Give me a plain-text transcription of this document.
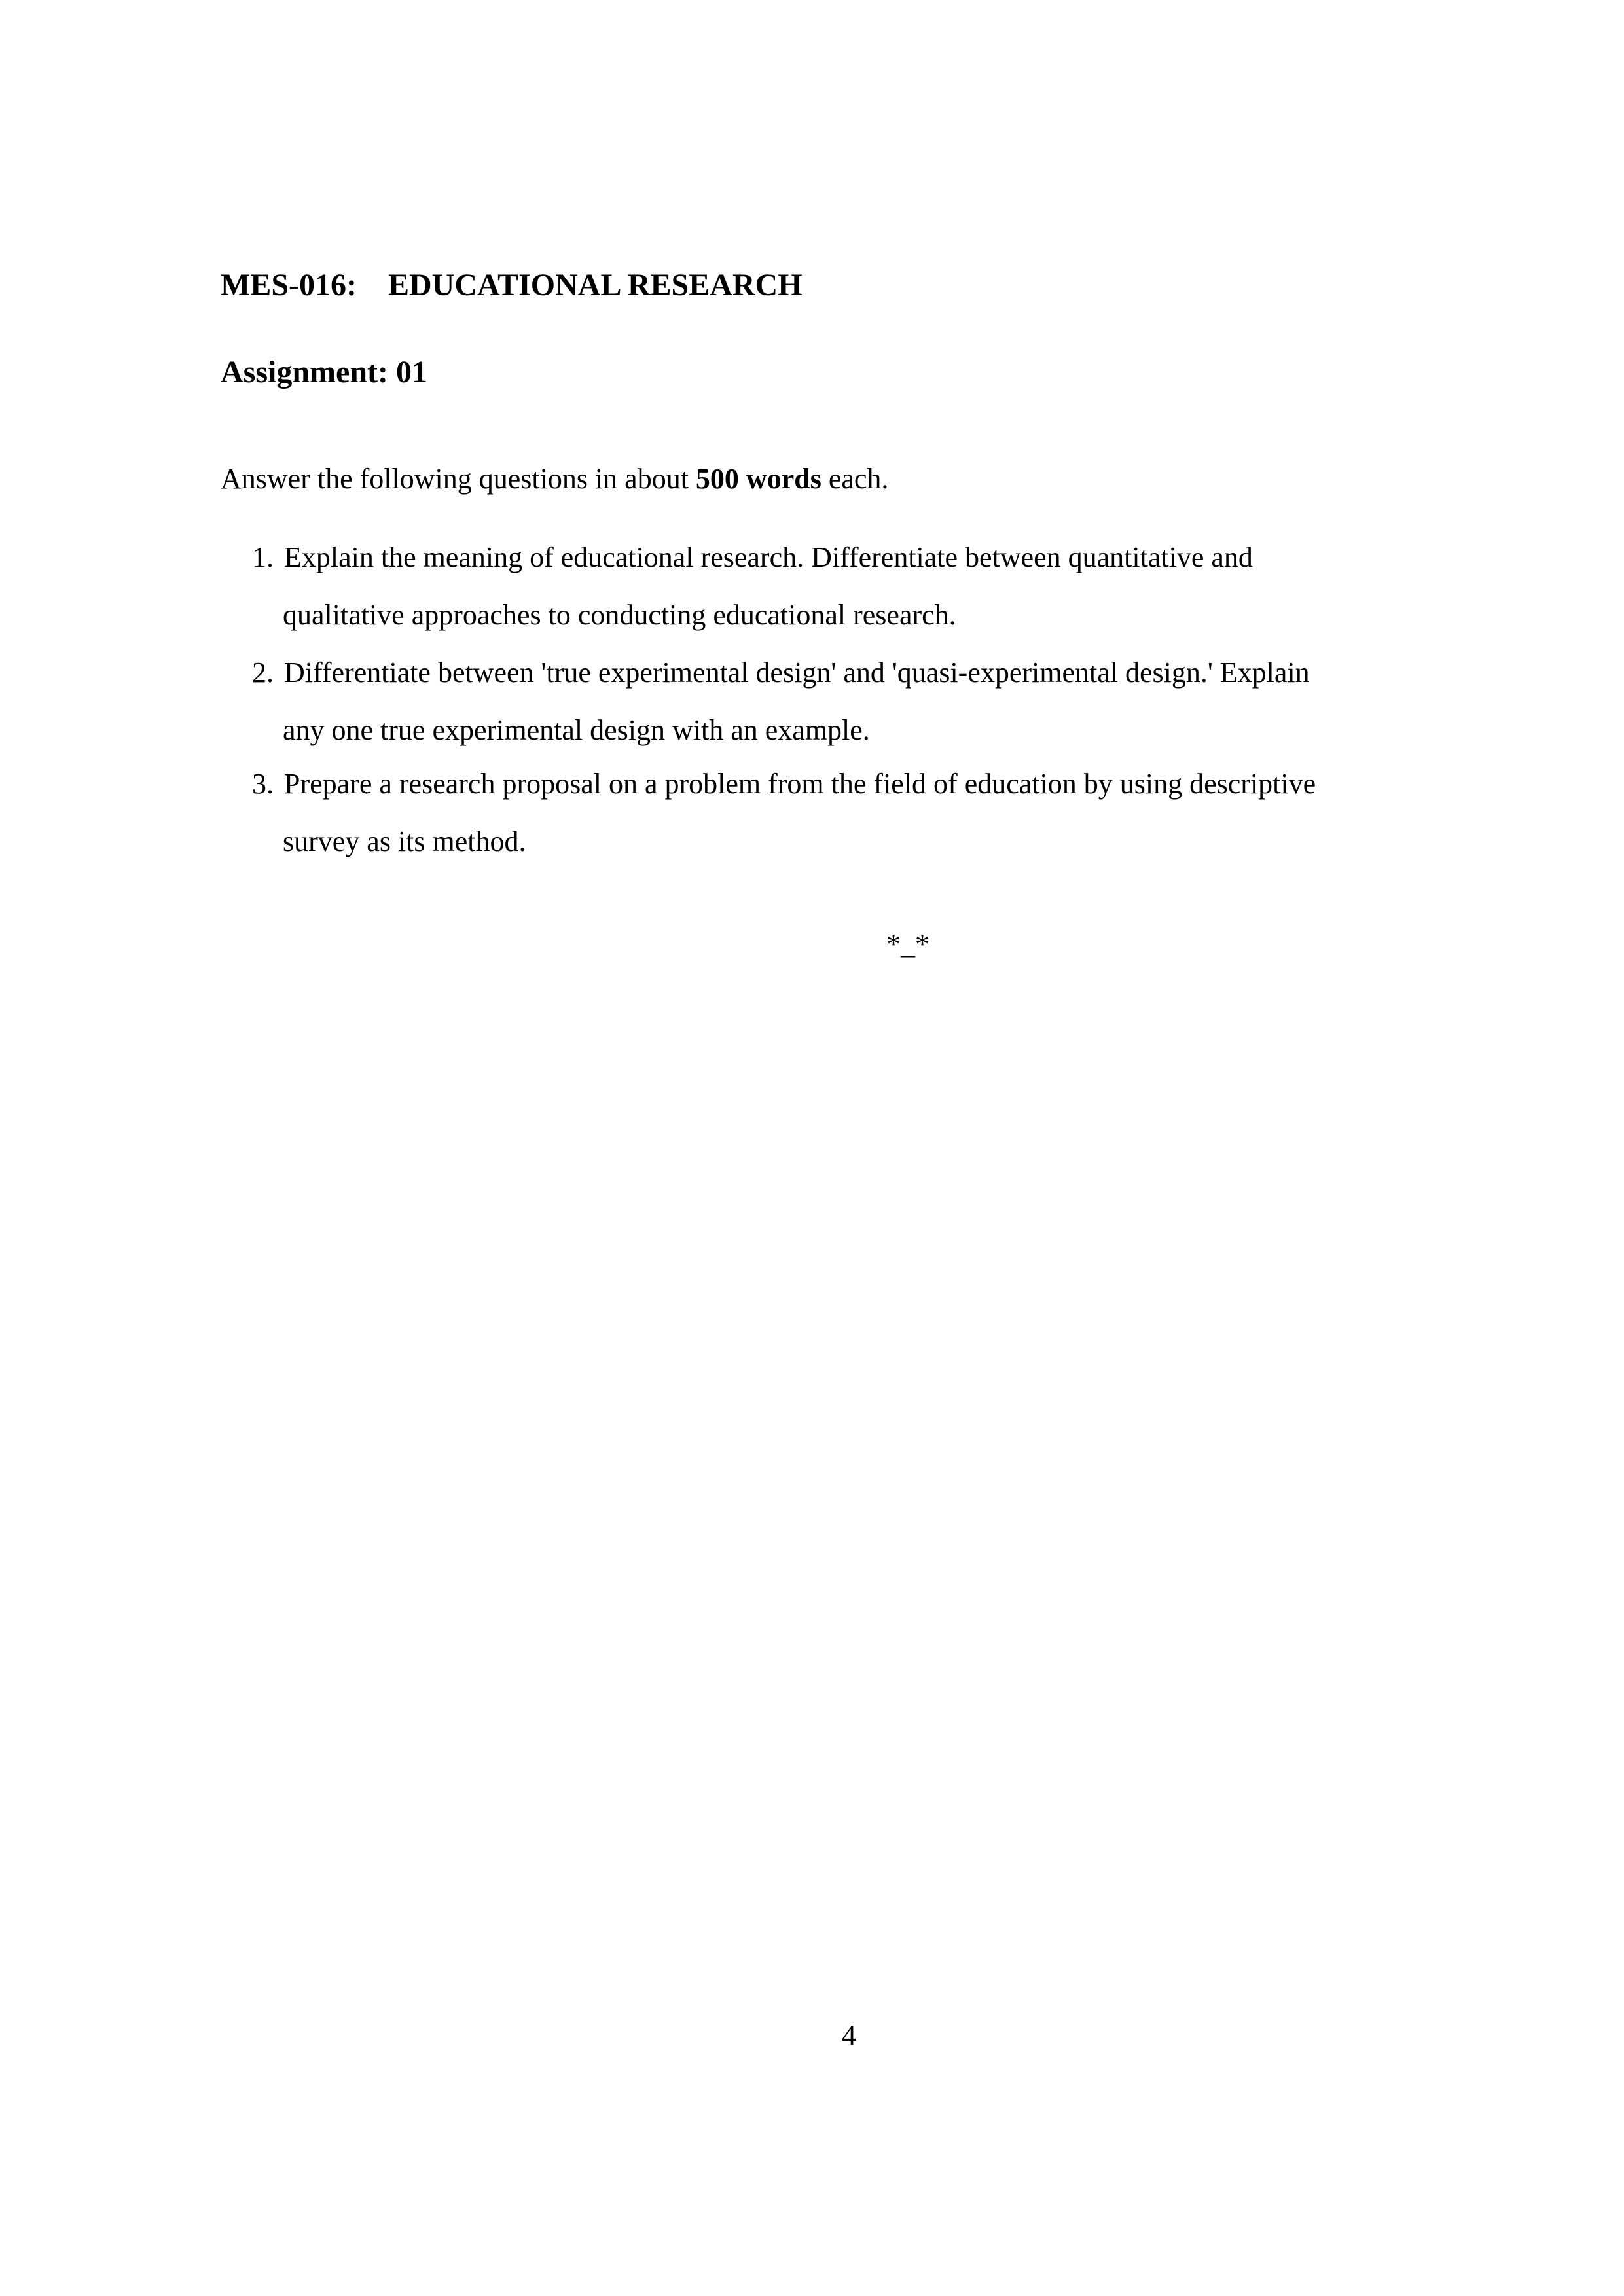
MES-016: EDUCATIONAL RESEARCH
Assignment: 01
Answer the following questions in about 500 words each.
1. Explain the meaning of educational research. Differentiate between quantitative and
qualitative approaches to conducting educational research.
2. Differentiate between 'true experimental design' and 'quasi-experimental design.' Explain
any one true experimental design with an example.
3. Prepare a research proposal on a problem from the field of education by using descriptive
survey as its method.
*_*
4
